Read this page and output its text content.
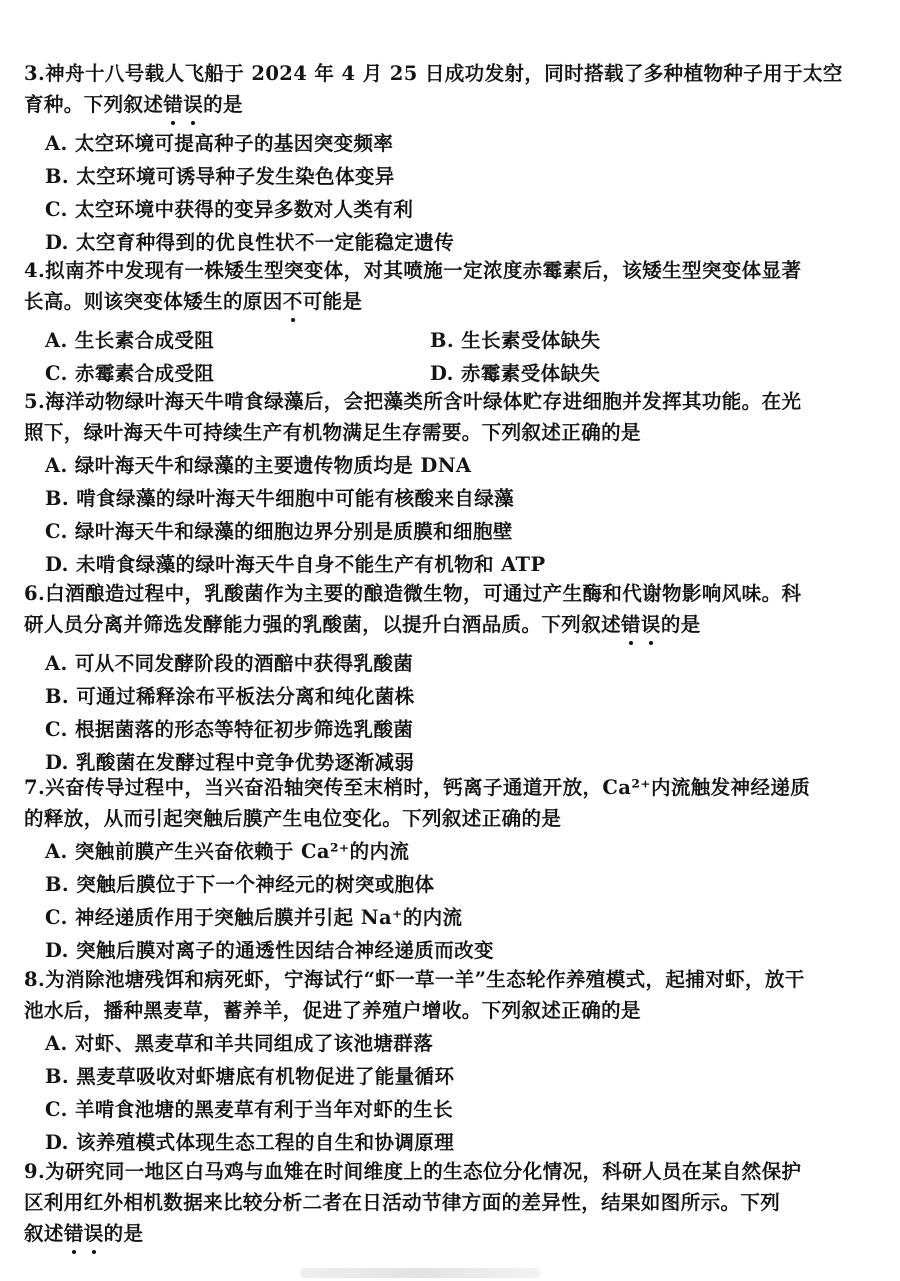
3.神舟十八号载人飞船于 2024 年 4 月 25 日成功发射，同时搭载了多种植物种子用于太空
育种。下列叙述错误的是
A. 太空环境可提高种子的基因突变频率
B. 太空环境可诱导种子发生染色体变异
C. 太空环境中获得的变异多数对人类有利
D. 太空育种得到的优良性状不一定能稳定遗传
4.拟南芥中发现有一株矮生型突变体，对其喷施一定浓度赤霉素后，该矮生型突变体显著
长高。则该突变体矮生的原因不可能是
A. 生长素合成受阻	B. 生长素受体缺失
C. 赤霉素合成受阻	D. 赤霉素受体缺失
5.海洋动物绿叶海天牛啃食绿藻后，会把藻类所含叶绿体贮存进细胞并发挥其功能。在光
照下，绿叶海天牛可持续生产有机物满足生存需要。下列叙述正确的是
A. 绿叶海天牛和绿藻的主要遗传物质均是 DNA
B. 啃食绿藻的绿叶海天牛细胞中可能有核酸来自绿藻
C. 绿叶海天牛和绿藻的细胞边界分别是质膜和细胞壁
D. 未啃食绿藻的绿叶海天牛自身不能生产有机物和 ATP
6.白酒酿造过程中，乳酸菌作为主要的酿造微生物，可通过产生酶和代谢物影响风味。科
研人员分离并筛选发酵能力强的乳酸菌，以提升白酒品质。下列叙述错误的是
A. 可从不同发酵阶段的酒醅中获得乳酸菌
B. 可通过稀释涂布平板法分离和纯化菌株
C. 根据菌落的形态等特征初步筛选乳酸菌
D. 乳酸菌在发酵过程中竞争优势逐渐减弱
7.兴奋传导过程中，当兴奋沿轴突传至末梢时，钙离子通道开放，Ca²⁺内流触发神经递质
的释放，从而引起突触后膜产生电位变化。下列叙述正确的是
A. 突触前膜产生兴奋依赖于 Ca²⁺的内流
B. 突触后膜位于下一个神经元的树突或胞体
C. 神经递质作用于突触后膜并引起 Na⁺的内流
D. 突触后膜对离子的通透性因结合神经递质而改变
8.为消除池塘残饵和病死虾，宁海试行“虾一草一羊”生态轮作养殖模式，起捕对虾，放干
池水后，播种黑麦草，蓄养羊，促进了养殖户增收。下列叙述正确的是
A. 对虾、黑麦草和羊共同组成了该池塘群落
B. 黑麦草吸收对虾塘底有机物促进了能量循环
C. 羊啃食池塘的黑麦草有利于当年对虾的生长
D. 该养殖模式体现生态工程的自生和协调原理
9.为研究同一地区白马鸡与血雉在时间维度上的生态位分化情况，科研人员在某自然保护
区利用红外相机数据来比较分析二者在日活动节律方面的差异性，结果如图所示。下列
叙述错误的是
